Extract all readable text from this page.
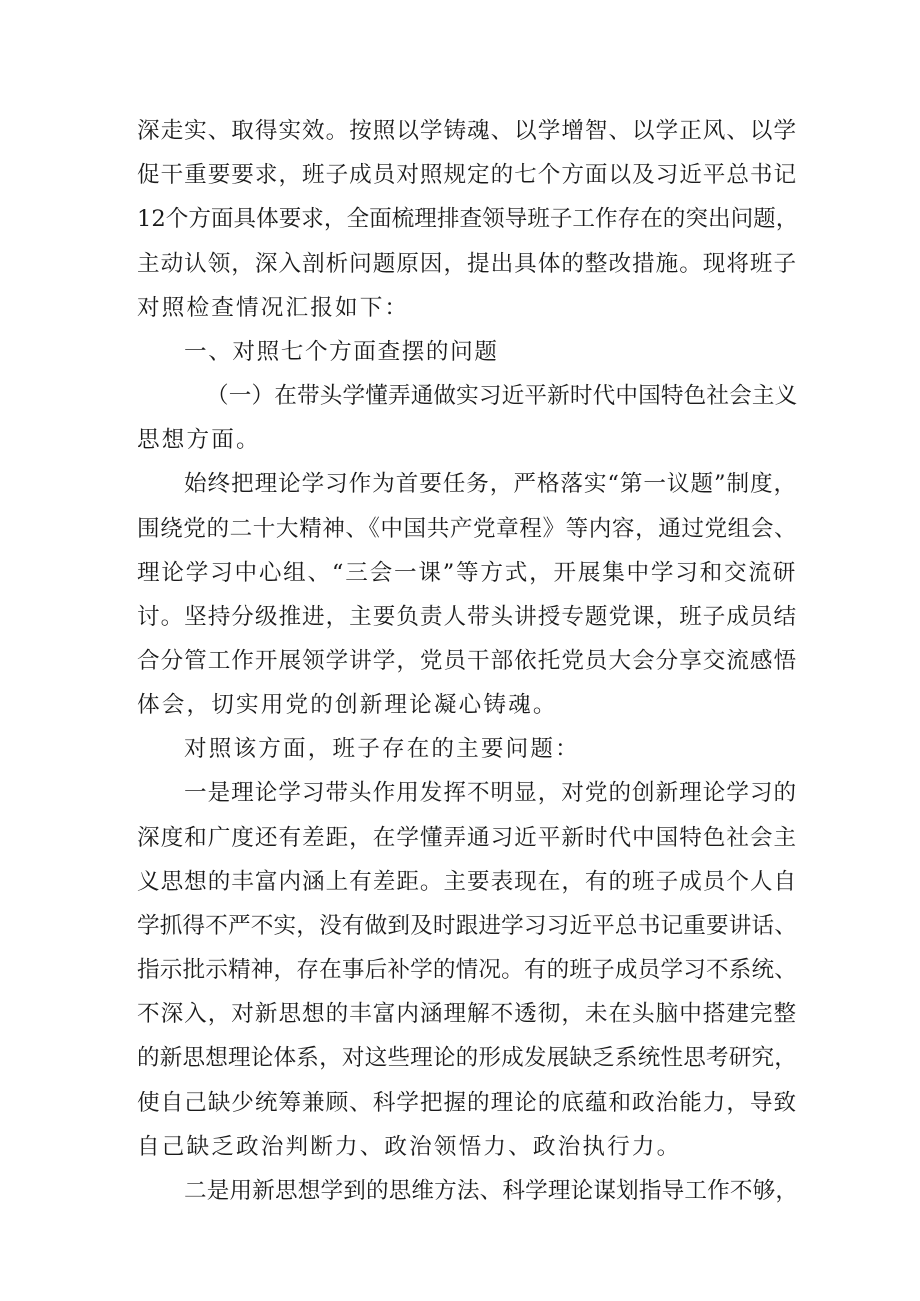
深走实、取得实效。按照以学铸魂、以学增智、以学正风、以学
促干重要要求，班子成员对照规定的七个方面以及习近平总书记
12个方面具体要求，全面梳理排查领导班子工作存在的突出问题，
主动认领，深入剖析问题原因，提出具体的整改措施。现将班子
对照检查情况汇报如下：
一、对照七个方面查摆的问题
（一）在带头学懂弄通做实习近平新时代中国特色社会主义
思想方面。
始终把理论学习作为首要任务，严格落实“第一议题”制度，
围绕党的二十大精神、《中国共产党章程》等内容，通过党组会、
理论学习中心组、“三会一课”等方式，开展集中学习和交流研
讨。坚持分级推进，主要负责人带头讲授专题党课，班子成员结
合分管工作开展领学讲学，党员干部依托党员大会分享交流感悟
体会，切实用党的创新理论凝心铸魂。
对照该方面，班子存在的主要问题：
一是理论学习带头作用发挥不明显，对党的创新理论学习的
深度和广度还有差距，在学懂弄通习近平新时代中国特色社会主
义思想的丰富内涵上有差距。主要表现在，有的班子成员个人自
学抓得不严不实，没有做到及时跟进学习习近平总书记重要讲话、
指示批示精神，存在事后补学的情况。有的班子成员学习不系统、
不深入，对新思想的丰富内涵理解不透彻，未在头脑中搭建完整
的新思想理论体系，对这些理论的形成发展缺乏系统性思考研究，
使自己缺少统筹兼顾、科学把握的理论的底蕴和政治能力，导致
自己缺乏政治判断力、政治领悟力、政治执行力。
二是用新思想学到的思维方法、科学理论谋划指导工作不够，
